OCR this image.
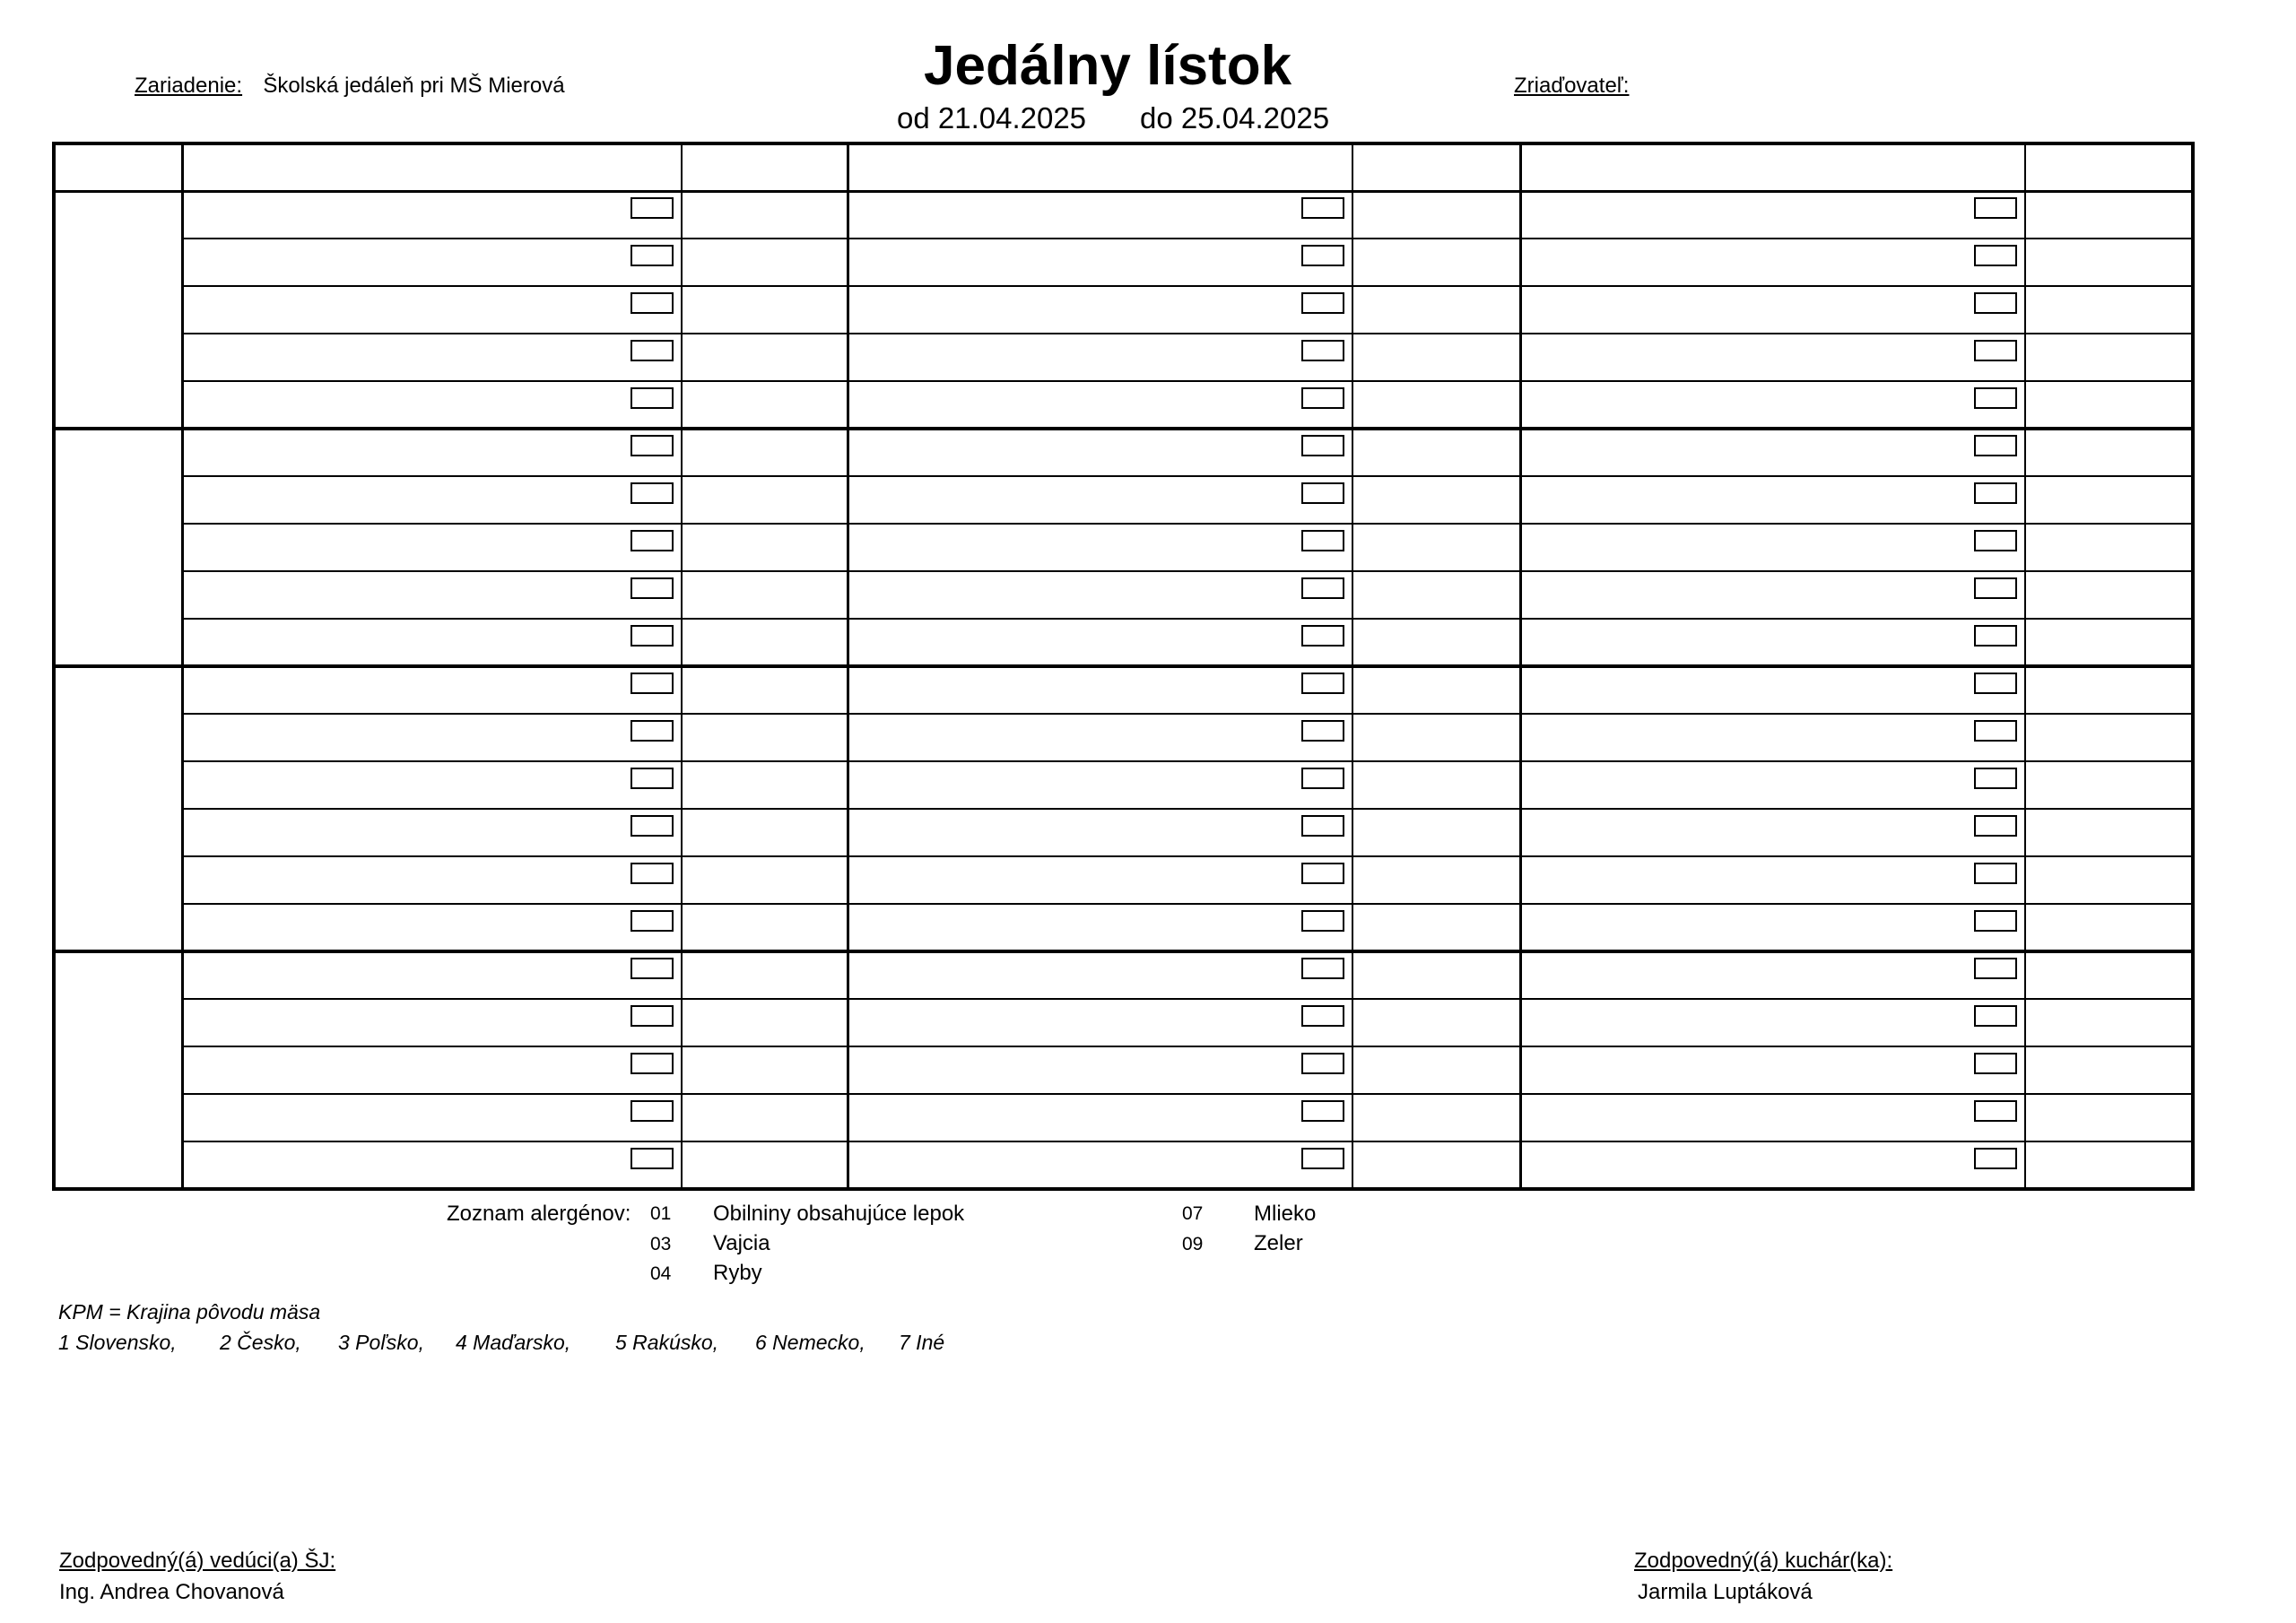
Zariadenie: Školská jedáleň pri MŠ Mierová	Jedálny lístok
od 21.04.2025 do 25.04.2025
Zriaďovateľ:
Zoznam alergénov: 01 Obilniny obsahujúce lepok
03 Vajcia
04 Ryby
07 Mlieko
09 Zeler
KPM = Krajina pôvodu mäsa
1 Slovensko, 2 Česko, 3 Poľsko, 4 Maďarsko, 5 Rakúsko, 6 Nemecko, 7 Iné
Zodpovedný(á) vedúci(a) ŠJ:
Ing. Andrea Chovanová
Zodpovedný(á) kuchár(ka):
Jarmila Luptáková
